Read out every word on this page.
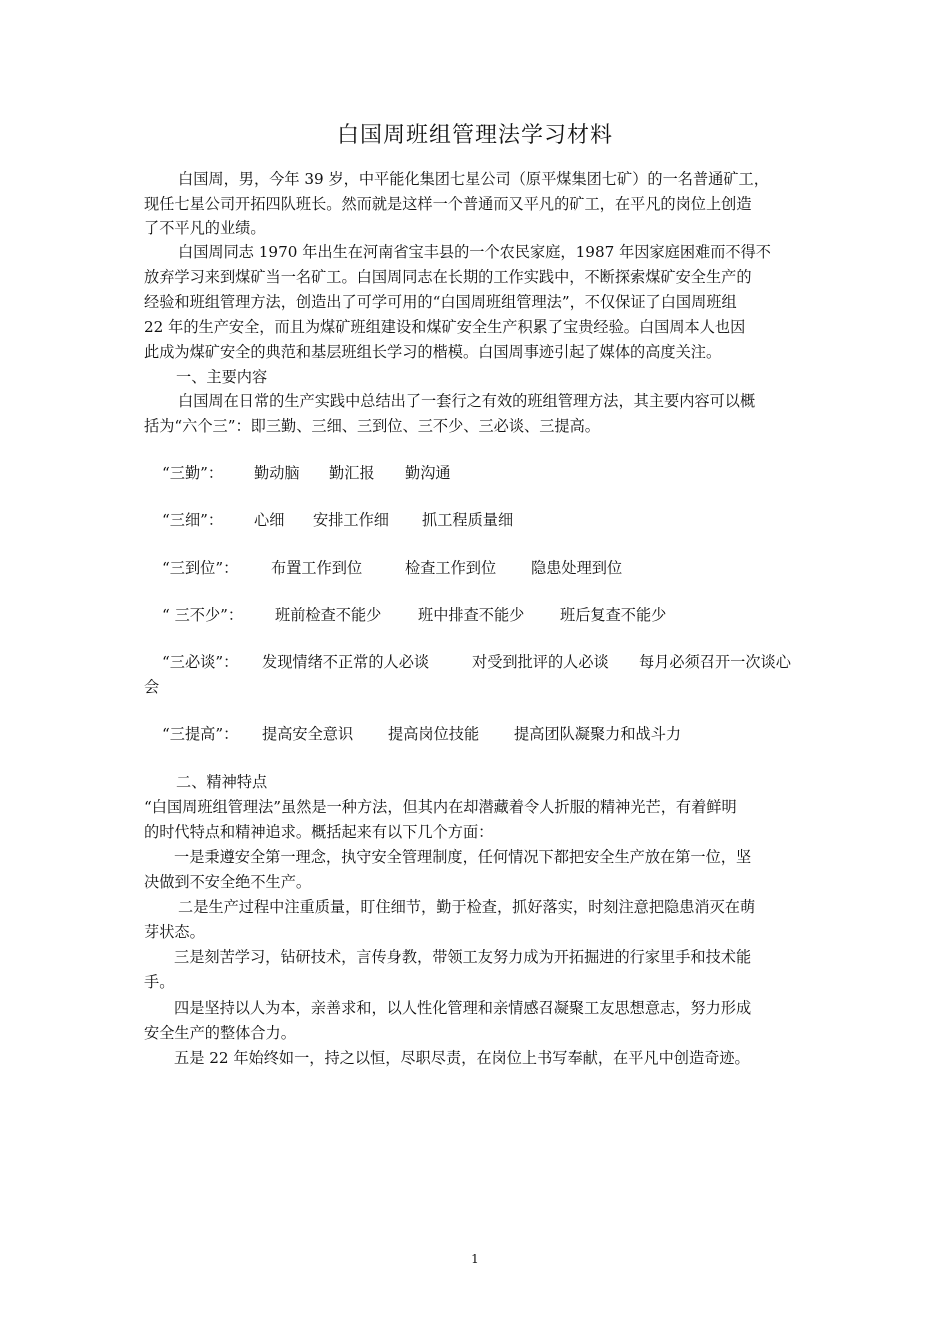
白国周班组管理法学习材料
白国周，男，今年 39 岁，中平能化集团七星公司（原平煤集团七矿）的一名普通矿工，
现任七星公司开拓四队班长。然而就是这样一个普通而又平凡的矿工，在平凡的岗位上创造
了不平凡的业绩。
白国周同志 1970 年出生在河南省宝丰县的一个农民家庭，1987 年因家庭困难而不得不
放弃学习来到煤矿当一名矿工。白国周同志在长期的工作实践中，不断探索煤矿安全生产的
经验和班组管理方法，创造出了可学可用的“白国周班组管理法”，不仅保证了白国周班组
22 年的生产安全，而且为煤矿班组建设和煤矿安全生产积累了宝贵经验。白国周本人也因
此成为煤矿安全的典范和基层班组长学习的楷模。白国周事迹引起了媒体的高度关注。
一、主要内容
白国周在日常的生产实践中总结出了一套行之有效的班组管理方法，其主要内容可以概
括为“六个三”：即三勤、三细、三到位、三不少、三必谈、三提高。
“三勤”： 勤动脑 勤汇报 勤沟通
“三细”： 心细 安排工作细 抓工程质量细
“三到位”： 布置工作到位	检查工作到位 隐患处理到位
“ 三不少”： 班前检查不能少 班中排查不能少 班后复查不能少
“三必谈”： 发现情绪不正常的人必谈	对受到批评的人必谈 每月必须召开一次谈心
会
“三提高”： 提高安全意识 提高岗位技能 提高团队凝聚力和战斗力
二、精神特点
“白国周班组管理法”虽然是一种方法，但其内在却潜藏着令人折服的精神光芒，有着鲜明
的时代特点和精神追求。概括起来有以下几个方面：
一是秉遵安全第一理念，执守安全管理制度，任何情况下都把安全生产放在第一位，坚
决做到不安全绝不生产。
二是生产过程中注重质量，盯住细节，勤于检查，抓好落实，时刻注意把隐患消灭在萌
芽状态。
三是刻苦学习，钻研技术，言传身教，带领工友努力成为开拓掘进的行家里手和技术能
手。
四是坚持以人为本，亲善求和，以人性化管理和亲情感召凝聚工友思想意志，努力形成
安全生产的整体合力。
五是 22 年始终如一，持之以恒，尽职尽责，在岗位上书写奉献，在平凡中创造奇迹。
1
